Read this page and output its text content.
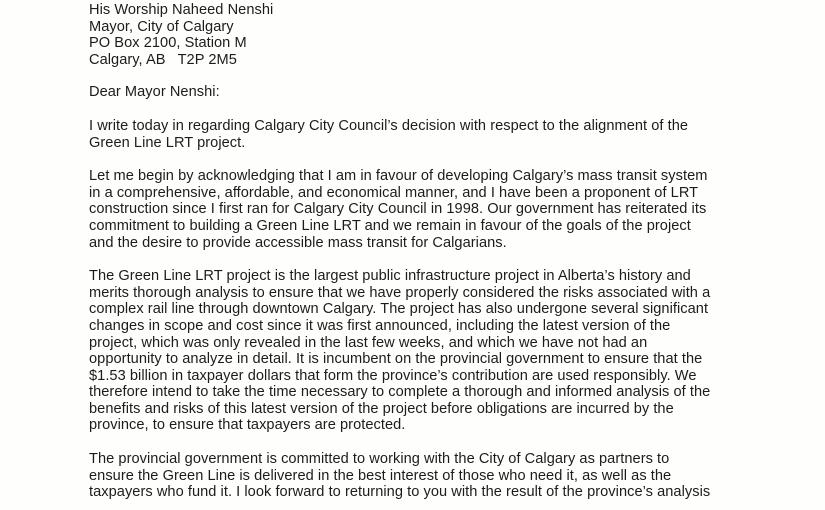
His Worship Naheed Nenshi

Mayor, City of Calgary

PO Box 2100, Station M

Calgary, AB   T2P 2M5

Dear Mayor Nenshi:

I write today in regarding Calgary City Council’s decision with respect to the alignment of the
Green Line LRT project.
Let me begin by acknowledging that I am in favour of developing Calgary’s mass transit system
in a comprehensive, affordable, and economical manner, and I have been a proponent of LRT
construction since I first ran for Calgary City Council in 1998. Our government has reiterated its
commitment to building a Green Line LRT and we remain in favour of the goals of the project
and the desire to provide accessible mass transit for Calgarians.
The Green Line LRT project is the largest public infrastructure project in Alberta’s history and
merits thorough analysis to ensure that we have properly considered the risks associated with a
complex rail line through downtown Calgary. The project has also undergone several significant
changes in scope and cost since it was first announced, including the latest version of the
project, which was only revealed in the last few weeks, and which we have not had an
opportunity to analyze in detail. It is incumbent on the provincial government to ensure that the
$1.53 billion in taxpayer dollars that form the province’s contribution are used responsibly. We
therefore intend to take the time necessary to complete a thorough and informed analysis of the
benefits and risks of this latest version of the project before obligations are incurred by the
province, to ensure that taxpayers are protected.
The provincial government is committed to working with the City of Calgary as partners to
ensure the Green Line is delivered in the best interest of those who need it, as well as the
taxpayers who fund it. I look forward to returning to you with the result of the province’s analysis
